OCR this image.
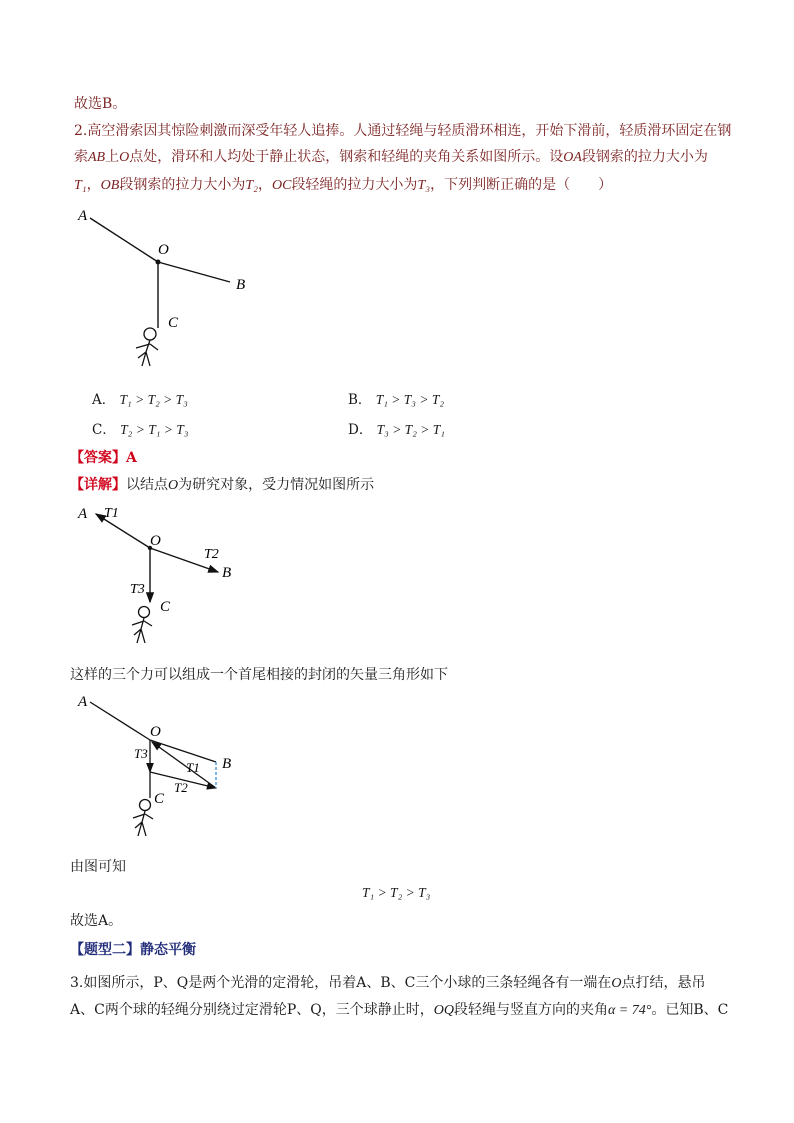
故选B。
2.高空滑索因其惊险刺激而深受年轻人追捧。人通过轻绳与轻质滑环相连，开始下滑前，轻质滑环固定在钢
索AB上O点处，滑环和人均处于静止状态，钢索和轻绳的夹角关系如图所示。设OA段钢索的拉力大小为
T₁，OB段钢索的拉力大小为T₂，OC段轻绳的拉力大小为T₃，下列判断正确的是（　　）
A
O
B
C
A． T₁ > T₂ > T₃	B． T₁ > T₃ > T₂
C． T₂ > T₁ > T₃	D． T₃ > T₂ > T₁
【答案】A
【详解】以结点O为研究对象，受力情况如图所示
A T1
O
T2
B
T3
C
这样的三个力可以组成一个首尾相接的封闭的矢量三角形如下
A
O
T3
T1 B
T2
C
由图可知
T₁ > T₂ > T₃
故选A。
【题型二】静态平衡
3.如图所示，P、Q是两个光滑的定滑轮，吊着A、B、C三个小球的三条轻绳各有一端在O点打结，悬吊
A、C两个球的轻绳分别绕过定滑轮P、Q，三个球静止时，OQ段轻绳与竖直方向的夹角α = 74°。已知B、C
